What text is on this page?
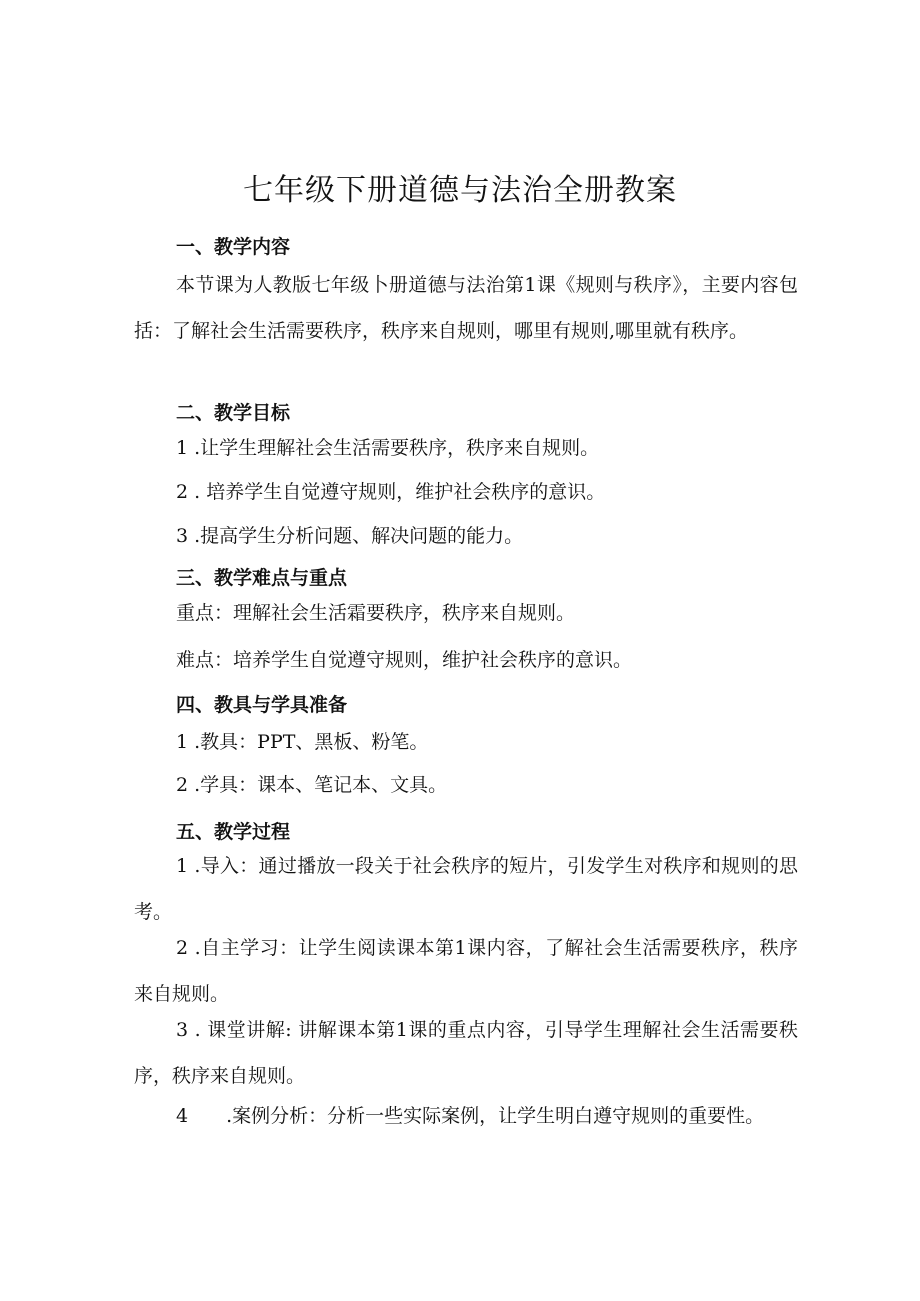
七年级下册道德与法治全册教案
一、教学内容
本节课为人教版七年级卜册道德与法治第1课《规则与秩序》，主要内容包括：了解社会生活需要秩序，秩序来自规则，哪里有规则,哪里就有秩序。
二、教学目标
1 .让学生理解社会生活需要秩序，秩序来自规则。
2 . 培养学生自觉遵守规则，维护社会秩序的意识。
3 .提高学生分析问题、解决问题的能力。
三、教学难点与重点
重点：理解社会生活霜要秩序，秩序来自规则。
难点：培养学生自觉遵守规则，维护社会秩序的意识。
四、教具与学具准备
1 .教具：PPT、黑板、粉笔。
2 .学具：课本、笔记本、文具。
五、教学过程
1 .导入：通过播放一段关于社会秩序的短片，引发学生对秩序和规则的思考。
2 .自主学习：让学生阅读课本第1课内容，了解社会生活需要秩序，秩序来自规则。
3 . 课堂讲解: 讲解课本第1课的重点内容，引导学生理解社会生活需要秩序，秩序来自规则。
4　　.案例分析：分析一些实际案例，让学生明白遵守规则的重要性。
